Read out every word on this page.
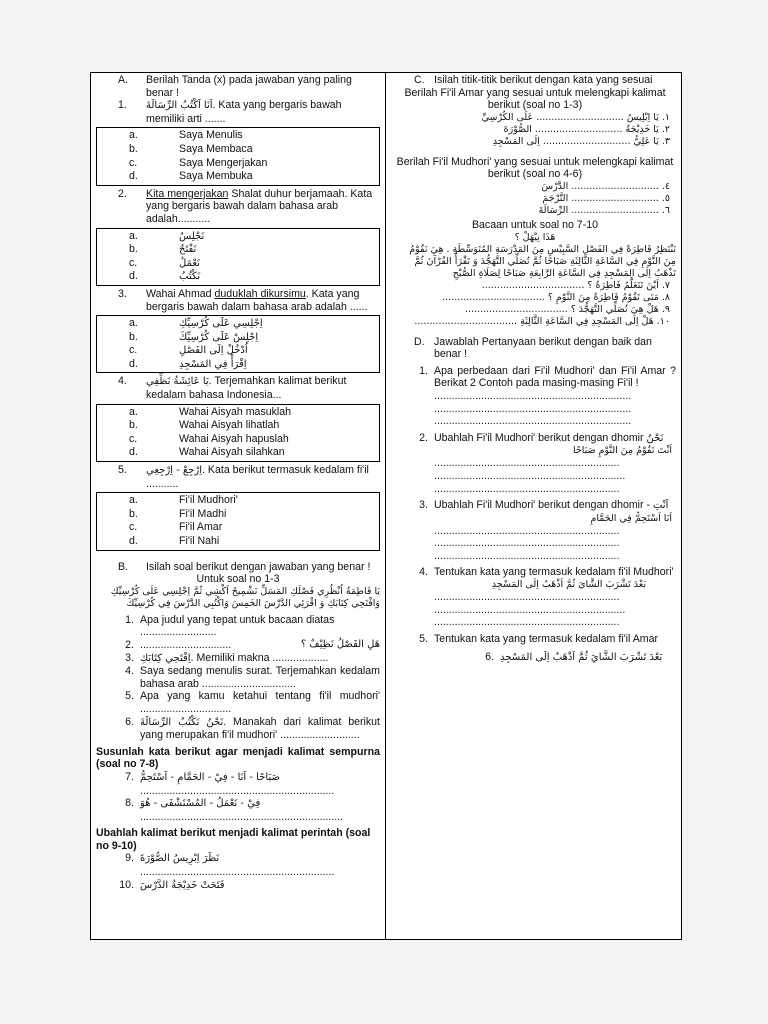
A.	Berilah Tanda (x) pada jawaban yang paling benar !
1.	اَنَا اَكْتُبُ الرِّسَالَةَ. Kata yang bergaris bawah memiliki arti .......
a.	Saya Menulis
b.	Saya Membaca
c.	Saya Mengerjakan
d.	Saya Membuka
2.	Kita mengerjakan Shalat duhur berjamaah. Kata yang bergaris bawah dalam bahasa arab adalah...........
a.	نَجْلِسُ
b.	نَفْتَحُ
c.	نَعْمَلُ
d.	نَكْتُبُ
3.	Wahai Ahmad duduklah dikursimu. Kata yang bergaris bawah dalam bahasa arab adalah ......
a.	اِجْلِسِي عَلَى كُرْسِيِّكِ
b.	اِجْلِسْ عَلَى كُرْسِيِّكَ
c.	اُدْخُلْ اِلَى الفَصْلِ
d.	اِقْرَأْ فِي المَسْجِدِ
4.	يَا عَائِشَةُ نَظِّفِي. Terjemahkan kalimat berikut kedalam bahasa Indonesia...
a.	Wahai Aisyah masuklah
b.	Wahai Aisyah lihatlah
c.	Wahai Aisyah hapuslah
d.	Wahai Aisyah silahkan
5.	اِرْجِعْ - اِرْجِعِي. Kata berikut termasuk kedalam fi'il ...........
a.	Fi'il Mudhori'
b.	Fi'il Madhi
c.	Fi'il Amar
d.	Fi'il Nahi
B.	Isilah soal berikut dengan jawaban yang benar !
Untuk soal no 1-3
يَا فَاطِمَةُ اُنْظُرِي فَصْلَكِ المَسَلِّ نَشْمِيحُ اَكْشِي ثُمَّ اِجْلِسِي عَلَى كُرْسِيِّكِ وَافْتَحِي كِتَابَكِ وَ اقْرَئِي الدَّرْسَ الخَمِسَ وَاكْتُبِي الدَّرْسَ فِي كُرْسِيِّكَ
1. Apa judul yang tepat untuk bacaan diatas
..........................
2. ...............................	هَلِ الفَصْلُ نَظِيْفٌ ؟
3. اِفْتَحِي كِتَابَكِ. Memiliki makna ...................
4. Saya sedang menulis surat. Terjemahkan kedalam bahasa arab ................................
5. Apa yang kamu ketahui tentang fi'il mudhori' ...............................
6. نَحْنُ نَكْتُبُ الرِّسَالَةَ. Manakah dari kalimat berikut yang merupakan fi'il mudhori' ...........................
Susunlah kata berikut agar menjadi kalimat sempurna (soal no 7-8)
7. صَبَاحًا - اَنَا - فِيْ - الحَمَّامِ - اَسْتَحِمُّ
..................................................................
8. فِيْ - نَعْمَلُ - المُسْتَشْفَى - هُوَ
.....................................................................
Ubahlah kalimat berikut menjadi kalimat perintah (soal no 9-10)
9. نَظَرَ اِبْرِيسُ الصُّوْرَةَ
..................................................................
10. فَتَحَتْ خَدِيْجَةُ الدَّرْسَ
C. Isilah titik-titik berikut dengan kata yang sesuai
Berilah Fi'il Amar yang sesuai untuk melengkapi kalimat berikut (soal no 1-3)
١. يَا اِبْلِيسُ ............................. عَلَى الكُرْسِيِّ
٢. يَا خَدِيْجَةُ ............................. الصُّوْرَةَ
٣. يَا عَلِيُّ ............................. اِلَى المَسْجِدِ
Berilah Fi'il Mudhori' yang sesuai untuk melengkapi kalimat berikut (soal no 4-6)
٤. ............................. الدَّرْسَ
٥. ............................. التَّرْجَمَ
٦. ............................. الرِّسَالَةَ
Bacaan untuk soal no 7-10
هَذَا نِيْهَلْ ؟
نَنْتَظِرُ فَاطِرَةً فِي الفَصْلِ السَّبِيْسِ مِنَ المَدْرَسَةِ المُتَوَسِّطَةِ . هِيَ نَقُوْمُ مِنَ النَّوْمِ فِي السَّاعَةِ الثَّالِثَةِ صَبَاحًا ثُمَّ تُصَلِّي التَّهَجُّدَ وَ تَقْرَأُ القُرْآنَ ثُمَّ تَذْهَبُ اِلَى المَسْجِدِ فِي السَّاعَةِ الرَّابِعَةِ صَبَاحًا لِصَلَاةِ الصُّبْحِ
٧. اَيْنَ تَتَعَلَّمُ فَاطِرَةُ ؟ ..................................
٨. مَتَى تَقُوْمُ فَاطِرَةُ مِنَ النَّوْمِ ؟ ..................................
٩. هَلْ هِيَ تُصَلِّي التَّهَجُّدَ ؟ ..................................
١٠. هَلْ اِلَى المَسْجِدِ فِي السَّاعَةِ الثَّالِثَةِ ..................................
D. Jawablah Pertanyaan berikut dengan baik dan benar !
1. Apa perbedaan dari Fi'il Mudhori' dan Fi'il Amar ? Berikat 2 Contoh pada masing-masing Fi'il !
...................................................................
...................................................................
...................................................................
2. Ubahlah Fi'il Mudhori' berikut dengan dhomir نَحْنُ

اَنْتَ تَقُوْمُ مِنَ النَّوْمِ صَبَاحًا
...............................................................
.................................................................
...............................................................
3. Ubahlah Fi'il Mudhori' berikut dengan dhomir - اَنْتِ

اَنَا اَسْتَحِمُّ فِي الحَمَّامِ
...............................................................
...............................................................
...............................................................
4. Tentukan kata yang termasuk kedalam fi'il Mudhori'

بَعْدَ تَشْرَبَ الشَّايَ ثُمَّ اَذْهَبُ اِلَى المَسْجِدِ
...............................................................
.................................................................
...............................................................
5. Tentukan kata yang termasuk kedalam fi'il Amar
6. بَعْدَ تَشْرَبَ الشَّايَ ثُمَّ اَذْهَبُ اِلَى المَسْجِدِ
